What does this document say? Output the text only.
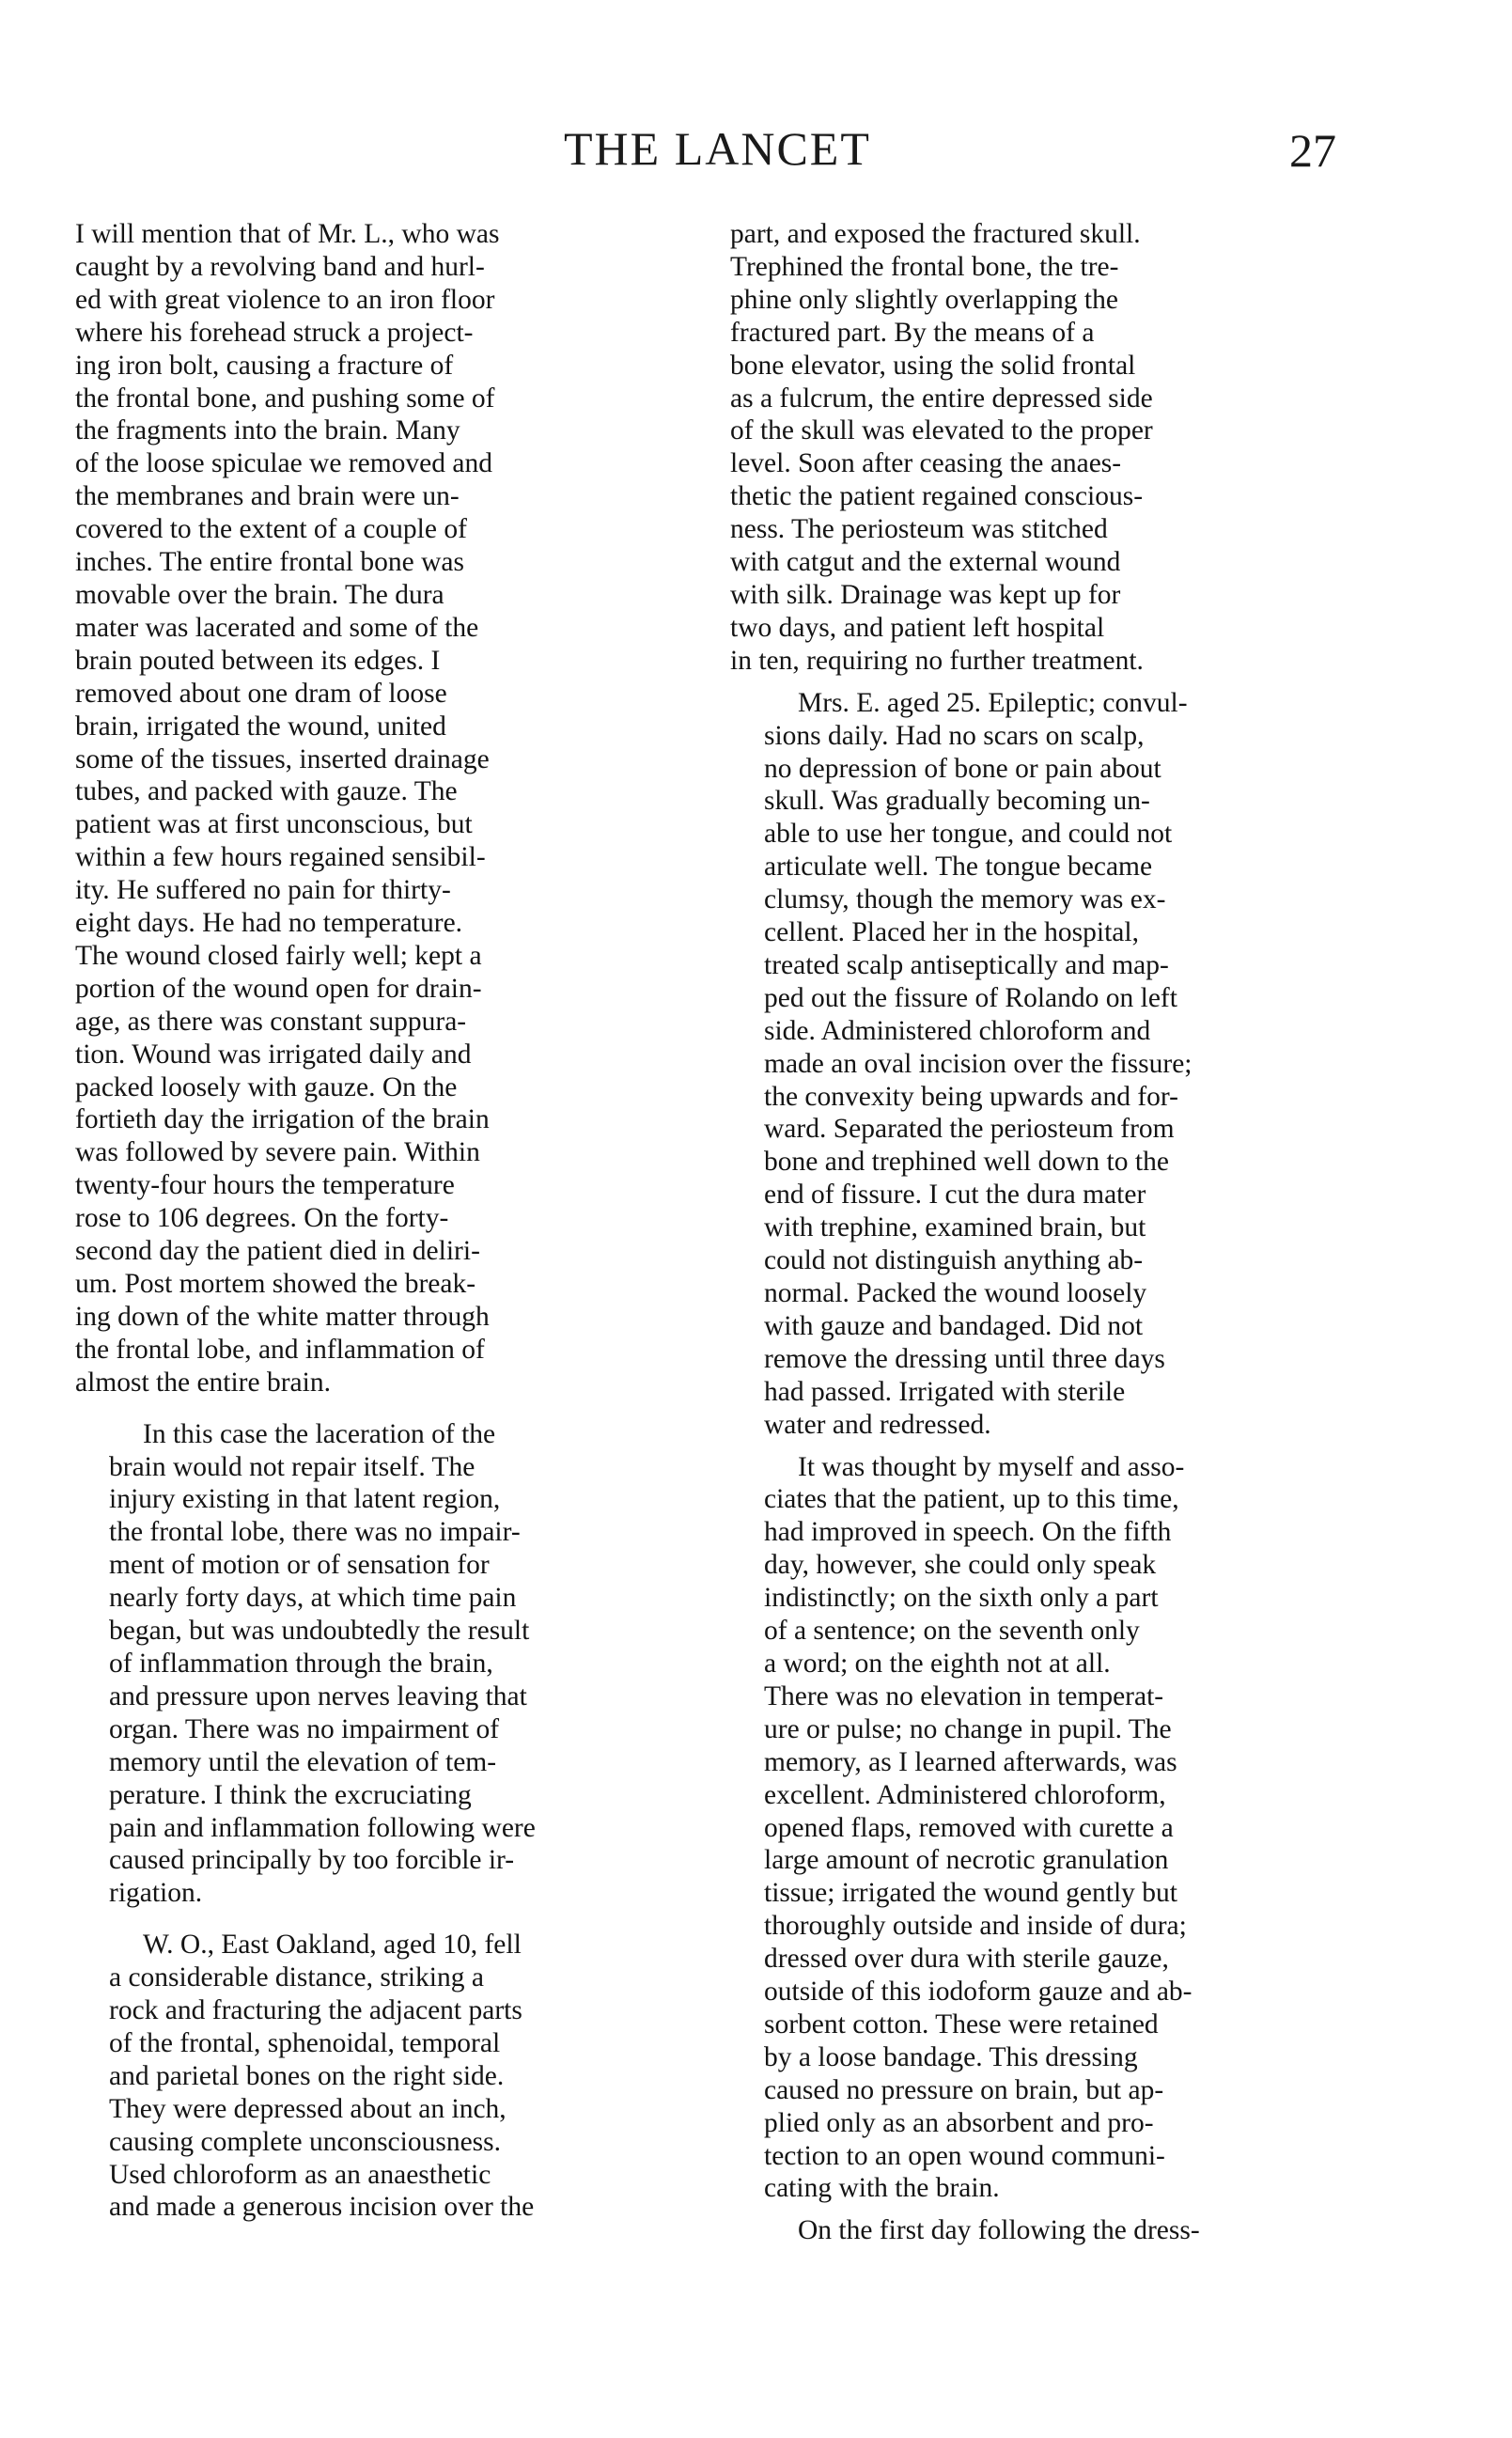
THE LANCET	27
I will mention that of Mr. L., who was
caught by a revolving band and hurl-
ed with great violence to an iron floor
where his forehead struck a project-
ing iron bolt, causing a fracture of
the frontal bone, and pushing some of
the fragments into the brain. Many
of the loose spiculae we removed and
the membranes and brain were un-
covered to the extent of a couple of
inches. The entire frontal bone was
movable over the brain. The dura
mater was lacerated and some of the
brain pouted between its edges. I
removed about one dram of loose
brain, irrigated the wound, united
some of the tissues, inserted drainage
tubes, and packed with gauze. The
patient was at first unconscious, but
within a few hours regained sensibil-
ity. He suffered no pain for thirty-
eight days. He had no temperature.
The wound closed fairly well; kept a
portion of the wound open for drain-
age, as there was constant suppura-
tion. Wound was irrigated daily and
packed loosely with gauze. On the
fortieth day the irrigation of the brain
was followed by severe pain. Within
twenty-four hours the temperature
rose to 106 degrees. On the forty-
second day the patient died in deliri-
um. Post mortem showed the break-
ing down of the white matter through
the frontal lobe, and inflammation of
almost the entire brain.
In this case the laceration of the
brain would not repair itself. The
injury existing in that latent region,
the frontal lobe, there was no impair-
ment of motion or of sensation for
nearly forty days, at which time pain
began, but was undoubtedly the result
of inflammation through the brain,
and pressure upon nerves leaving that
organ. There was no impairment of
memory until the elevation of tem-
perature. I think the excruciating
pain and inflammation following were
caused principally by too forcible ir-
rigation.
W. O., East Oakland, aged 10, fell
a considerable distance, striking a
rock and fracturing the adjacent parts
of the frontal, sphenoidal, temporal
and parietal bones on the right side.
They were depressed about an inch,
causing complete unconsciousness.
Used chloroform as an anaesthetic
and made a generous incision over the
part, and exposed the fractured skull.
Trephined the frontal bone, the tre-
phine only slightly overlapping the
fractured part. By the means of a
bone elevator, using the solid frontal
as a fulcrum, the entire depressed side
of the skull was elevated to the proper
level. Soon after ceasing the anaes-
thetic the patient regained conscious-
ness. The periosteum was stitched
with catgut and the external wound
with silk. Drainage was kept up for
two days, and patient left hospital
in ten, requiring no further treatment.
Mrs. E. aged 25. Epileptic; convul-
sions daily. Had no scars on scalp,
no depression of bone or pain about
skull. Was gradually becoming un-
able to use her tongue, and could not
articulate well. The tongue became
clumsy, though the memory was ex-
cellent. Placed her in the hospital,
treated scalp antiseptically and map-
ped out the fissure of Rolando on left
side. Administered chloroform and
made an oval incision over the fissure;
the convexity being upwards and for-
ward. Separated the periosteum from
bone and trephined well down to the
end of fissure. I cut the dura mater
with trephine, examined brain, but
could not distinguish anything ab-
normal. Packed the wound loosely
with gauze and bandaged. Did not
remove the dressing until three days
had passed. Irrigated with sterile
water and redressed.
It was thought by myself and asso-
ciates that the patient, up to this time,
had improved in speech. On the fifth
day, however, she could only speak
indistinctly; on the sixth only a part
of a sentence; on the seventh only
a word; on the eighth not at all.
There was no elevation in temperat-
ure or pulse; no change in pupil. The
memory, as I learned afterwards, was
excellent. Administered chloroform,
opened flaps, removed with curette a
large amount of necrotic granulation
tissue; irrigated the wound gently but
thoroughly outside and inside of dura;
dressed over dura with sterile gauze,
outside of this iodoform gauze and ab-
sorbent cotton. These were retained
by a loose bandage. This dressing
caused no pressure on brain, but ap-
plied only as an absorbent and pro-
tection to an open wound communi-
cating with the brain.
On the first day following the dress-
